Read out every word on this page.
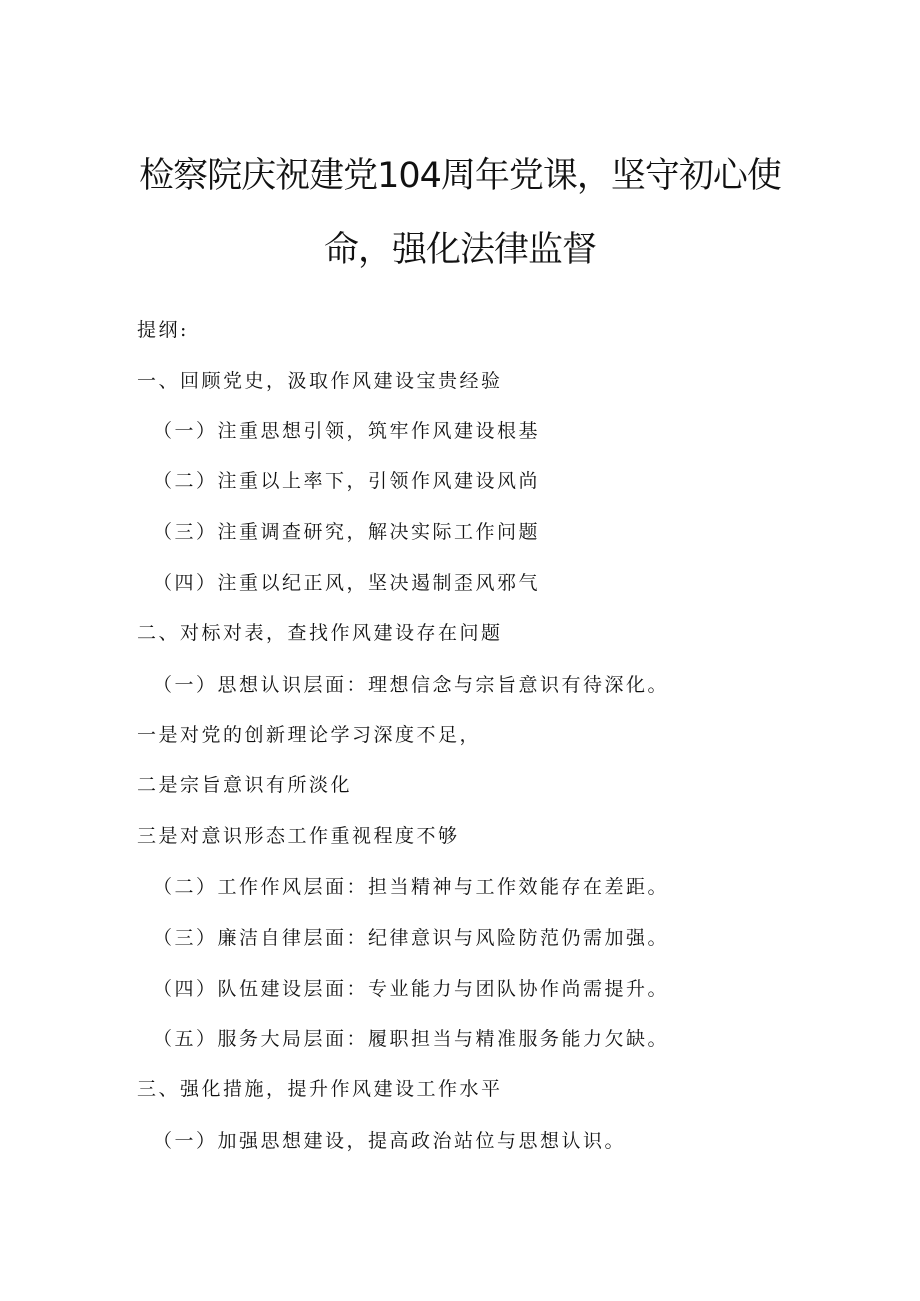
检察院庆祝建党104周年党课，坚守初心使
命，强化法律监督
提纲:
一、回顾党史，汲取作风建设宝贵经验
（一）注重思想引领，筑牢作风建设根基
（二）注重以上率下，引领作风建设风尚
（三）注重调查研究，解决实际工作问题
（四）注重以纪正风，坚决遏制歪风邪气
二、对标对表，查找作风建设存在问题
（一）思想认识层面：理想信念与宗旨意识有待深化。
一是对党的创新理论学习深度不足，
二是宗旨意识有所淡化
三是对意识形态工作重视程度不够
（二）工作作风层面：担当精神与工作效能存在差距。
（三）廉洁自律层面：纪律意识与风险防范仍需加强。
（四）队伍建设层面：专业能力与团队协作尚需提升。
（五）服务大局层面：履职担当与精准服务能力欠缺。
三、强化措施，提升作风建设工作水平
（一）加强思想建设，提高政治站位与思想认识。
